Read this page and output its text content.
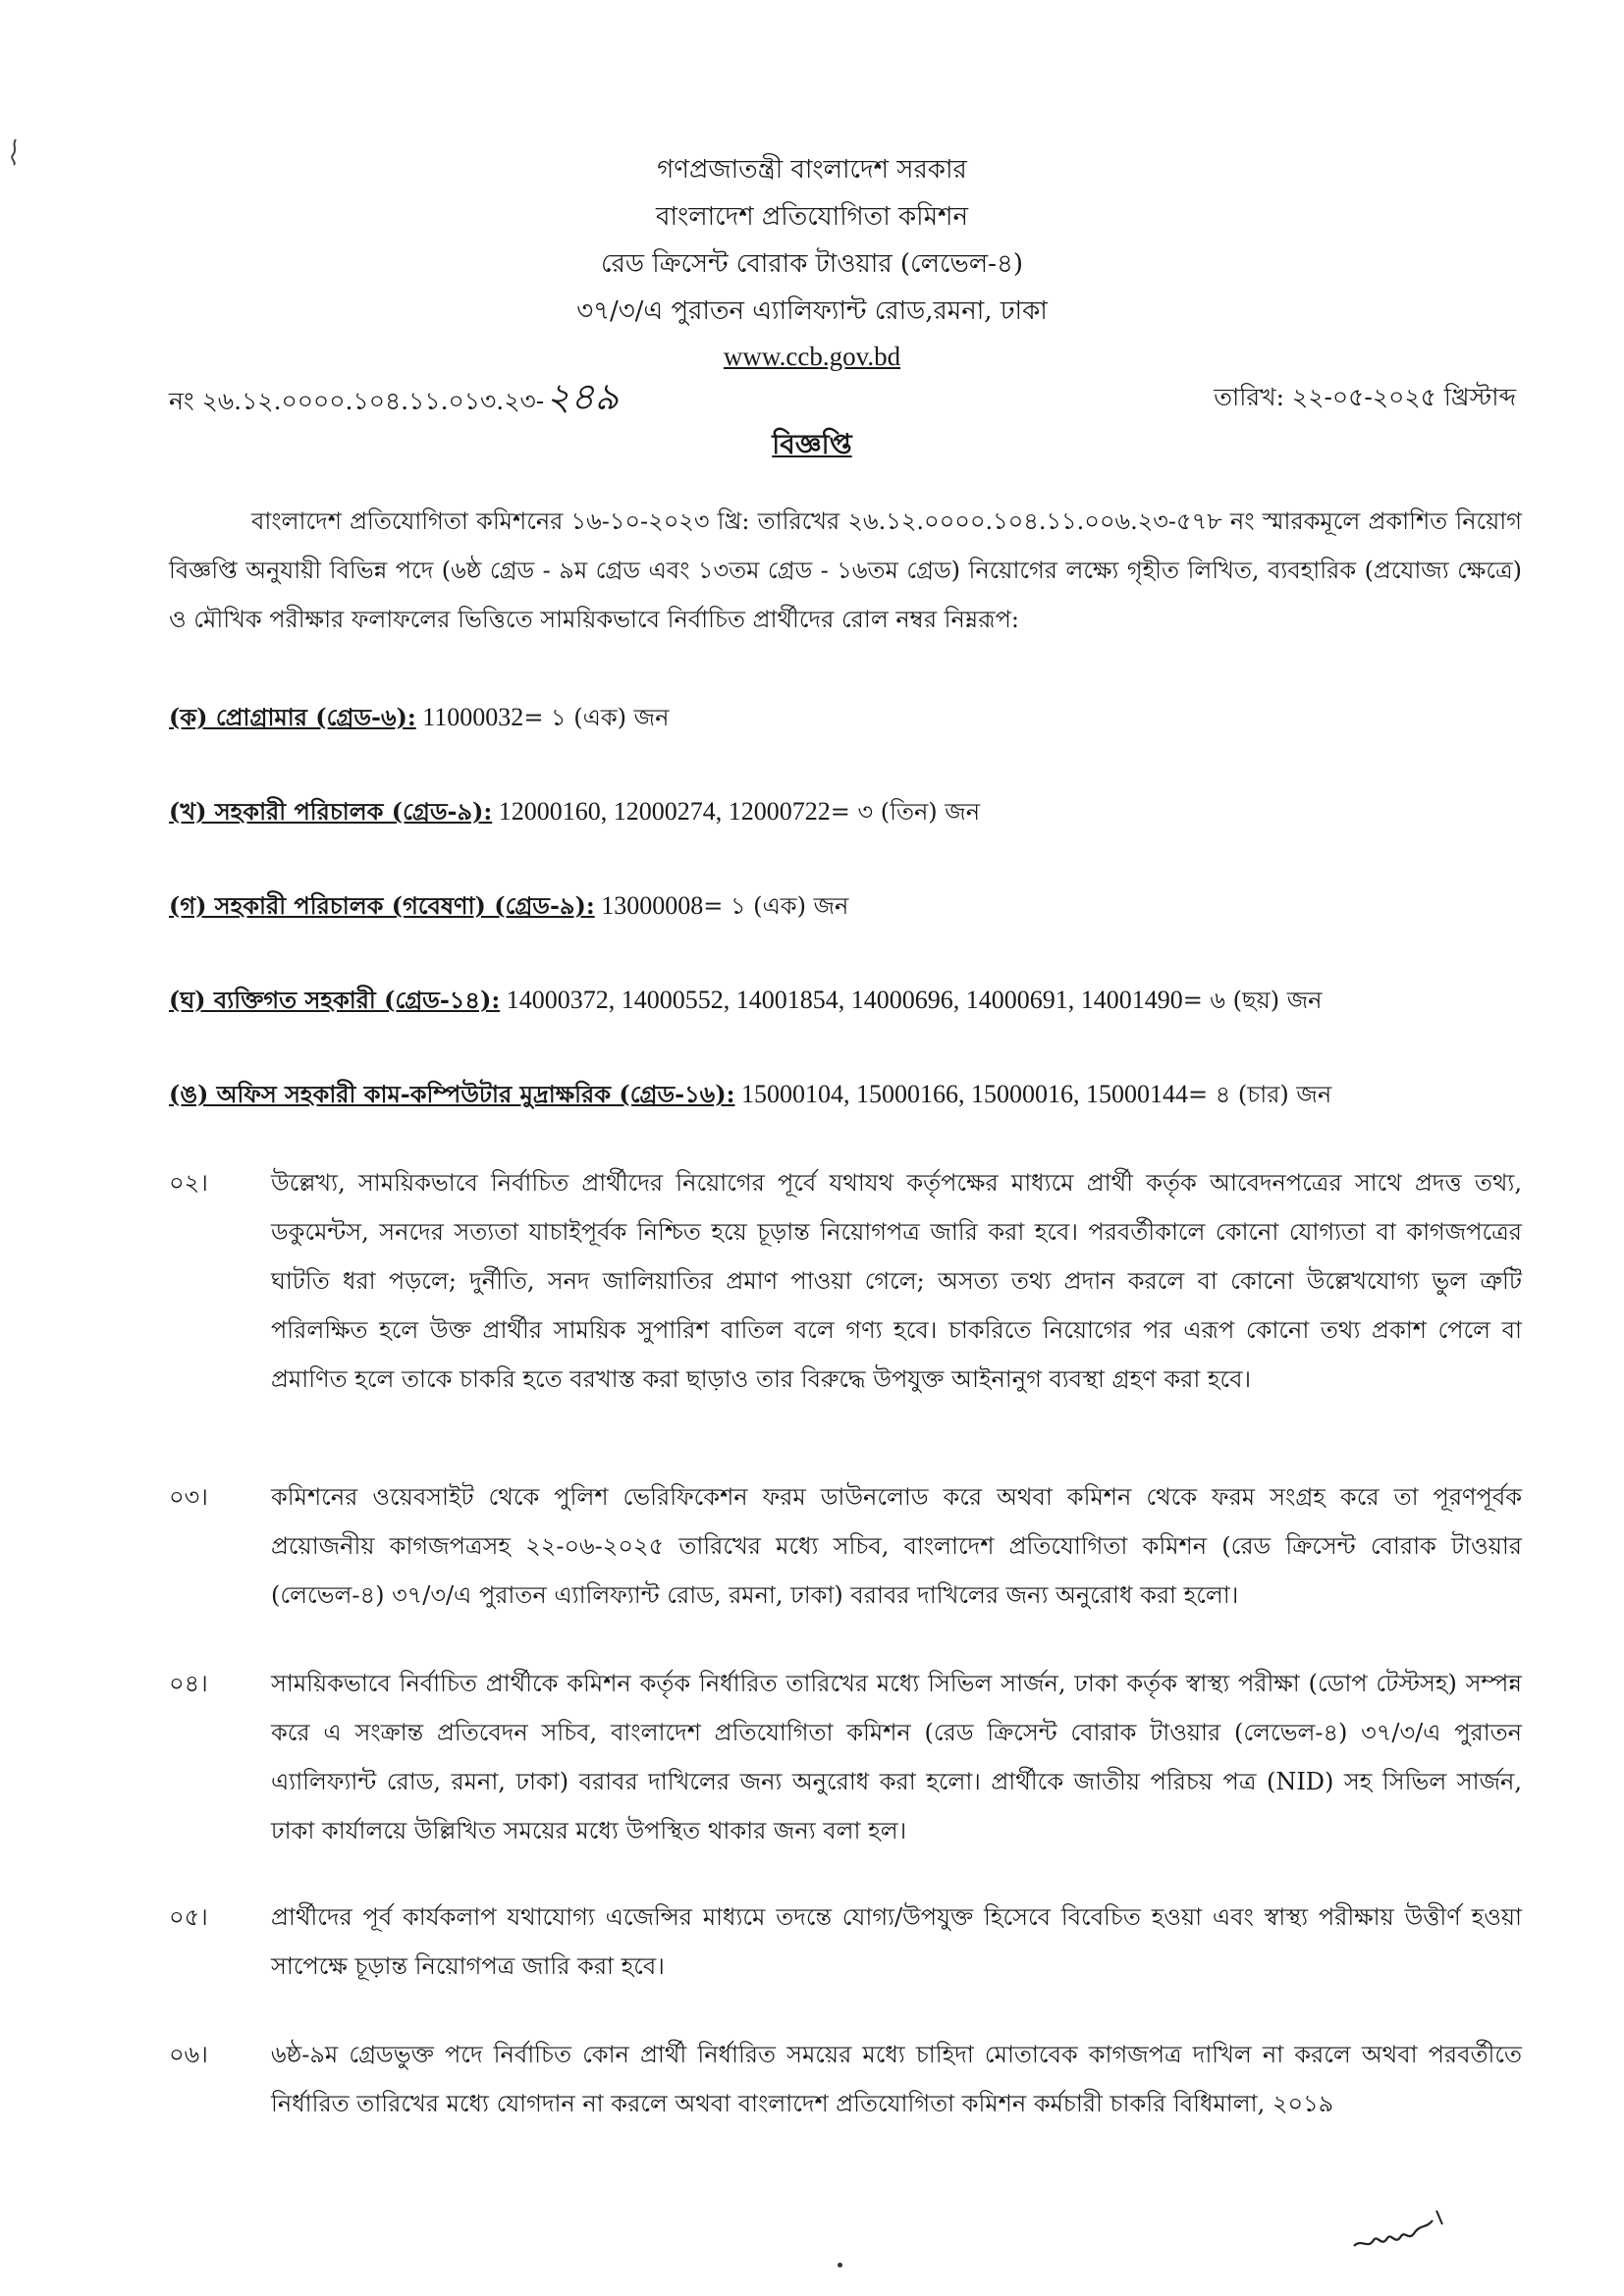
গণপ্রজাতন্ত্রী বাংলাদেশ সরকার
বাংলাদেশ প্রতিযোগিতা কমিশন
রেড ক্রিসেন্ট বোরাক টাওয়ার (লেভেল-৪)
৩৭/৩/এ পুরাতন এ্যালিফ্যান্ট রোড,রমনা, ঢাকা
www.ccb.gov.bd
নং ২৬.১২.০০০০.১০৪.১১.০১৩.২৩-২৪৯	তারিখ: ২২-০৫-২০২৫ খ্রিস্টাব্দ
বিজ্ঞপ্তি

বাংলাদেশ প্রতিযোগিতা কমিশনের ১৬-১০-২০২৩ খ্রি: তারিখের ২৬.১২.০০০০.১০৪.১১.০০৬.২৩-৫৭৮ নং স্মারকমূলে প্রকাশিত নিয়োগ বিজ্ঞপ্তি অনুযায়ী বিভিন্ন পদে (৬ষ্ঠ গ্রেড - ৯ম গ্রেড এবং ১৩তম গ্রেড - ১৬তম গ্রেড) নিয়োগের লক্ষ্যে গৃহীত লিখিত, ব্যবহারিক (প্রযোজ্য ক্ষেত্রে) ও মৌখিক পরীক্ষার ফলাফলের ভিত্তিতে সাময়িকভাবে নির্বাচিত প্রার্থীদের রোল নম্বর নিম্নরূপ:

(ক) প্রোগ্রামার (গ্রেড-৬): 11000032= ১ (এক) জন
(খ) সহকারী পরিচালক (গ্রেড-৯): 12000160, 12000274, 12000722= ৩ (তিন) জন
(গ) সহকারী পরিচালক (গবেষণা) (গ্রেড-৯): 13000008= ১ (এক) জন
(ঘ) ব্যক্তিগত সহকারী (গ্রেড-১৪): 14000372, 14000552, 14001854, 14000696, 14000691, 14001490= ৬ (ছয়) জন
(ঙ) অফিস সহকারী কাম-কম্পিউটার মুদ্রাক্ষরিক (গ্রেড-১৬): 15000104, 15000166, 15000016, 15000144= ৪ (চার) জন
০২।	উল্লেখ্য, সাময়িকভাবে নির্বাচিত প্রার্থীদের নিয়োগের পূর্বে যথাযথ কর্তৃপক্ষের মাধ্যমে প্রার্থী কর্তৃক আবেদনপত্রের সাথে প্রদত্ত তথ্য, ডকুমেন্টস, সনদের সত্যতা যাচাইপূর্বক নিশ্চিত হয়ে চূড়ান্ত নিয়োগপত্র জারি করা হবে। পরবর্তীকালে কোনো যোগ্যতা বা কাগজপত্রের ঘাটতি ধরা পড়লে; দুর্নীতি, সনদ জালিয়াতির প্রমাণ পাওয়া গেলে; অসত্য তথ্য প্রদান করলে বা কোনো উল্লেখযোগ্য ভুল ত্রুটি পরিলক্ষিত হলে উক্ত প্রার্থীর সাময়িক সুপারিশ বাতিল বলে গণ্য হবে। চাকরিতে নিয়োগের পর এরূপ কোনো তথ্য প্রকাশ পেলে বা প্রমাণিত হলে তাকে চাকরি হতে বরখাস্ত করা ছাড়াও তার বিরুদ্ধে উপযুক্ত আইনানুগ ব্যবস্থা গ্রহণ করা হবে।
০৩।	কমিশনের ওয়েবসাইট থেকে পুলিশ ভেরিফিকেশন ফরম ডাউনলোড করে অথবা কমিশন থেকে ফরম সংগ্রহ করে তা পূরণপূর্বক প্রয়োজনীয় কাগজপত্রসহ ২২-০৬-২০২৫ তারিখের মধ্যে সচিব, বাংলাদেশ প্রতিযোগিতা কমিশন (রেড ক্রিসেন্ট বোরাক টাওয়ার (লেভেল-৪) ৩৭/৩/এ পুরাতন এ্যালিফ্যান্ট রোড, রমনা, ঢাকা) বরাবর দাখিলের জন্য অনুরোধ করা হলো।
০৪।	সাময়িকভাবে নির্বাচিত প্রার্থীকে কমিশন কর্তৃক নির্ধারিত তারিখের মধ্যে সিভিল সার্জন, ঢাকা কর্তৃক স্বাস্থ্য পরীক্ষা (ডোপ টেস্টসহ) সম্পন্ন করে এ সংক্রান্ত প্রতিবেদন সচিব, বাংলাদেশ প্রতিযোগিতা কমিশন (রেড ক্রিসেন্ট বোরাক টাওয়ার (লেভেল-৪) ৩৭/৩/এ পুরাতন এ্যালিফ্যান্ট রোড, রমনা, ঢাকা) বরাবর দাখিলের জন্য অনুরোধ করা হলো। প্রার্থীকে জাতীয় পরিচয় পত্র (NID) সহ সিভিল সার্জন, ঢাকা কার্যালয়ে উল্লিখিত সময়ের মধ্যে উপস্থিত থাকার জন্য বলা হল।
০৫।	প্রার্থীদের পূর্ব কার্যকলাপ যথাযোগ্য এজেন্সির মাধ্যমে তদন্তে যোগ্য/উপযুক্ত হিসেবে বিবেচিত হওয়া এবং স্বাস্থ্য পরীক্ষায় উত্তীর্ণ হওয়া সাপেক্ষে চূড়ান্ত নিয়োগপত্র জারি করা হবে।
০৬।	৬ষ্ঠ-৯ম গ্রেডভুক্ত পদে নির্বাচিত কোন প্রার্থী নির্ধারিত সময়ের মধ্যে চাহিদা মোতাবেক কাগজপত্র দাখিল না করলে অথবা পরবর্তীতে নির্ধারিত তারিখের মধ্যে যোগদান না করলে অথবা বাংলাদেশ প্রতিযোগিতা কমিশন কর্মচারী চাকরি বিধিমালা, ২০১৯
